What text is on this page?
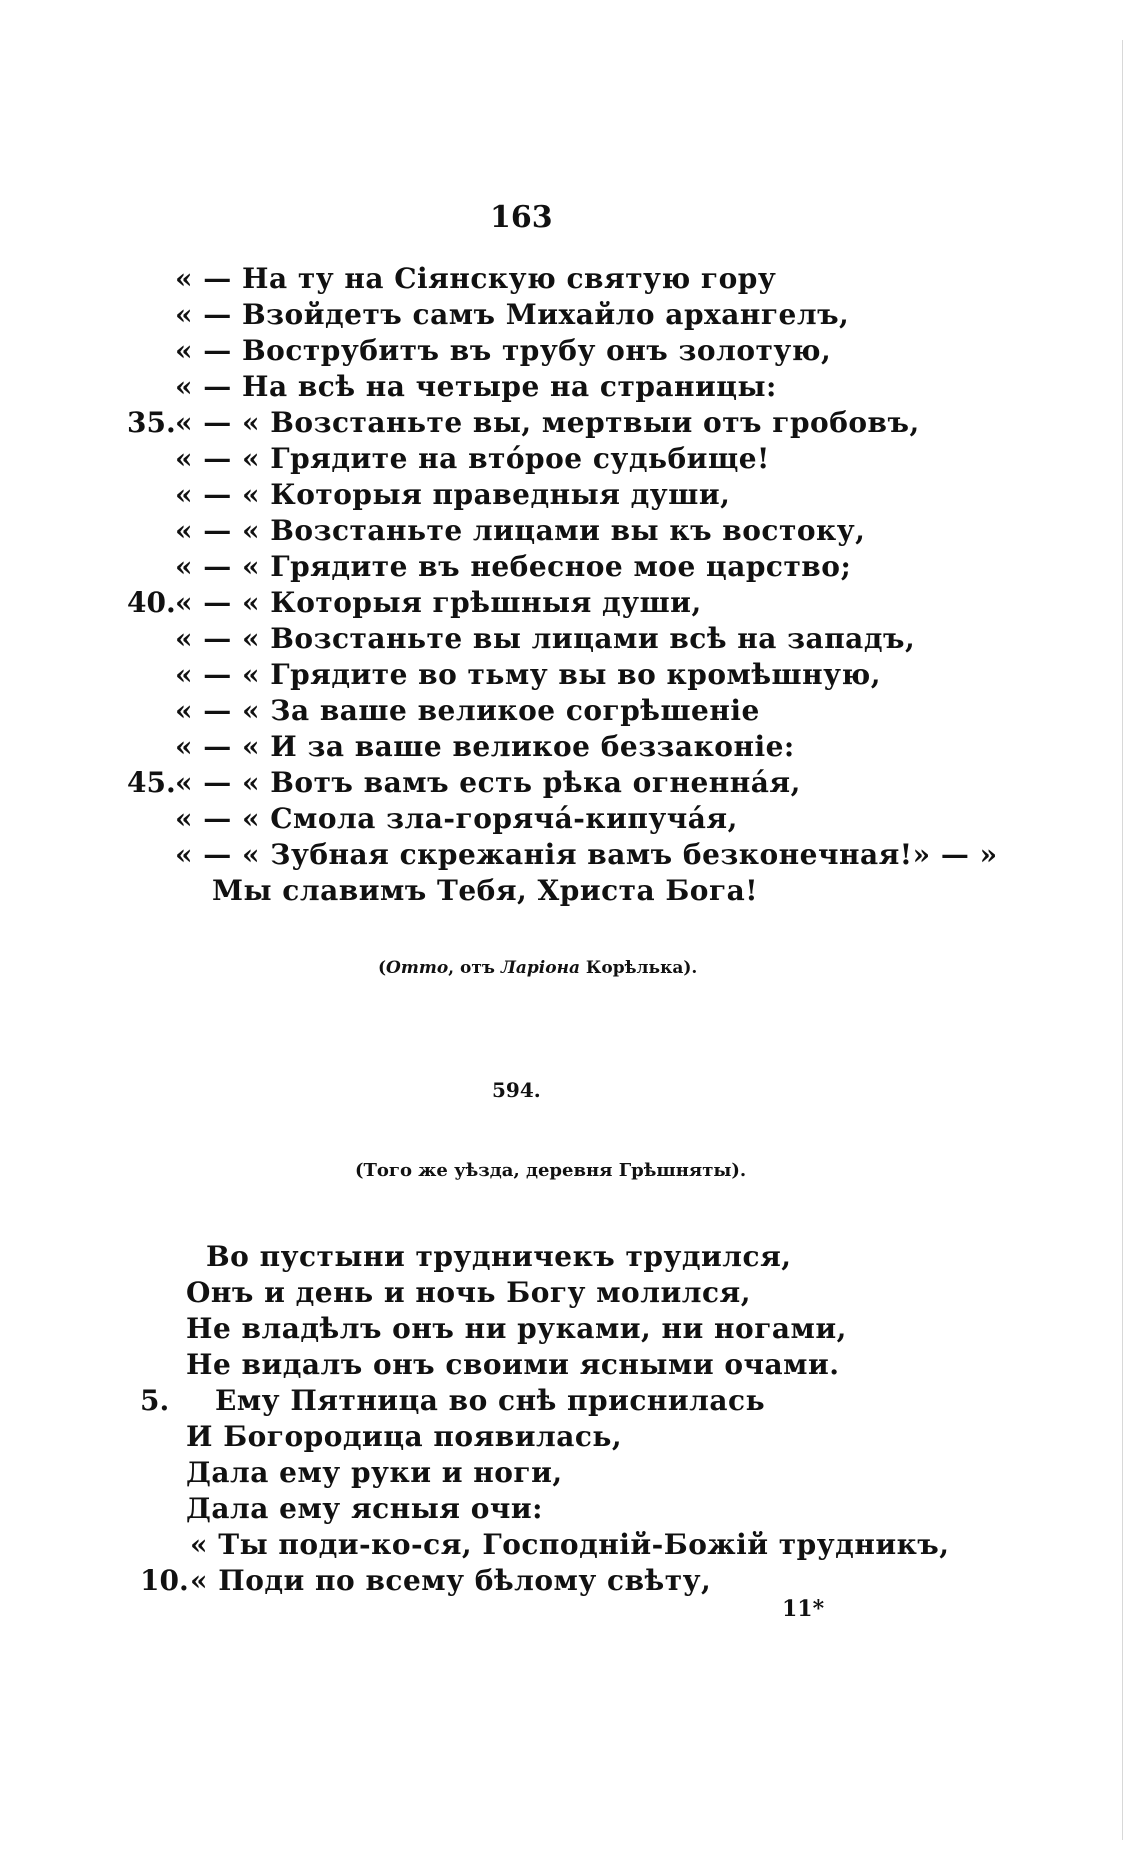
163
« — На ту на Сіянскую святую гору
« — Взойдетъ самъ Михайло архангелъ,
« — Вострубитъ въ трубу онъ золотую,
« — На всѣ на четыре на страницы:
35. « — « Возстаньте вы, мертвыи отъ гробовъ,
« — « Грядите на вто́рое судьбище!
« — « Которыя праведныя души,
« — « Возстаньте лицами вы къ востоку,
« — « Грядите въ небесное мое царство;
40. « — « Которыя грѣшныя души,
« — « Возстаньте вы лицами всѣ на западъ,
« — « Грядите во тьму вы во кромѣшную,
« — « За ваше великое согрѣшеніе
« — « И за ваше великое беззаконіе:
45. « — « Вотъ вамъ есть рѣка огненна́я,
« — « Смола зла-горяча́-кипуча́я,
« — « Зубная скрежанія вамъ безконечная!» — »
Мы славимъ Тебя, Христа Бога!
(Отто, отъ Ларіона Корѣлька).
594.
(Того же уѣзда, деревня Грѣшняты).
Во пустыни трудничекъ трудился,
Онъ и день и ночь Богу молился,
Не владѣлъ онъ ни руками, ни ногами,
Не видалъ онъ своими ясными очами.
5. Ему Пятница во снѣ приснилась
И Богородица появилась,
Дала ему руки и ноги,
Дала ему ясныя очи:
« Ты поди-ко-ся, Господній-Божій трудникъ,
10. « Поди по всему бѣлому свѣту,
11*
